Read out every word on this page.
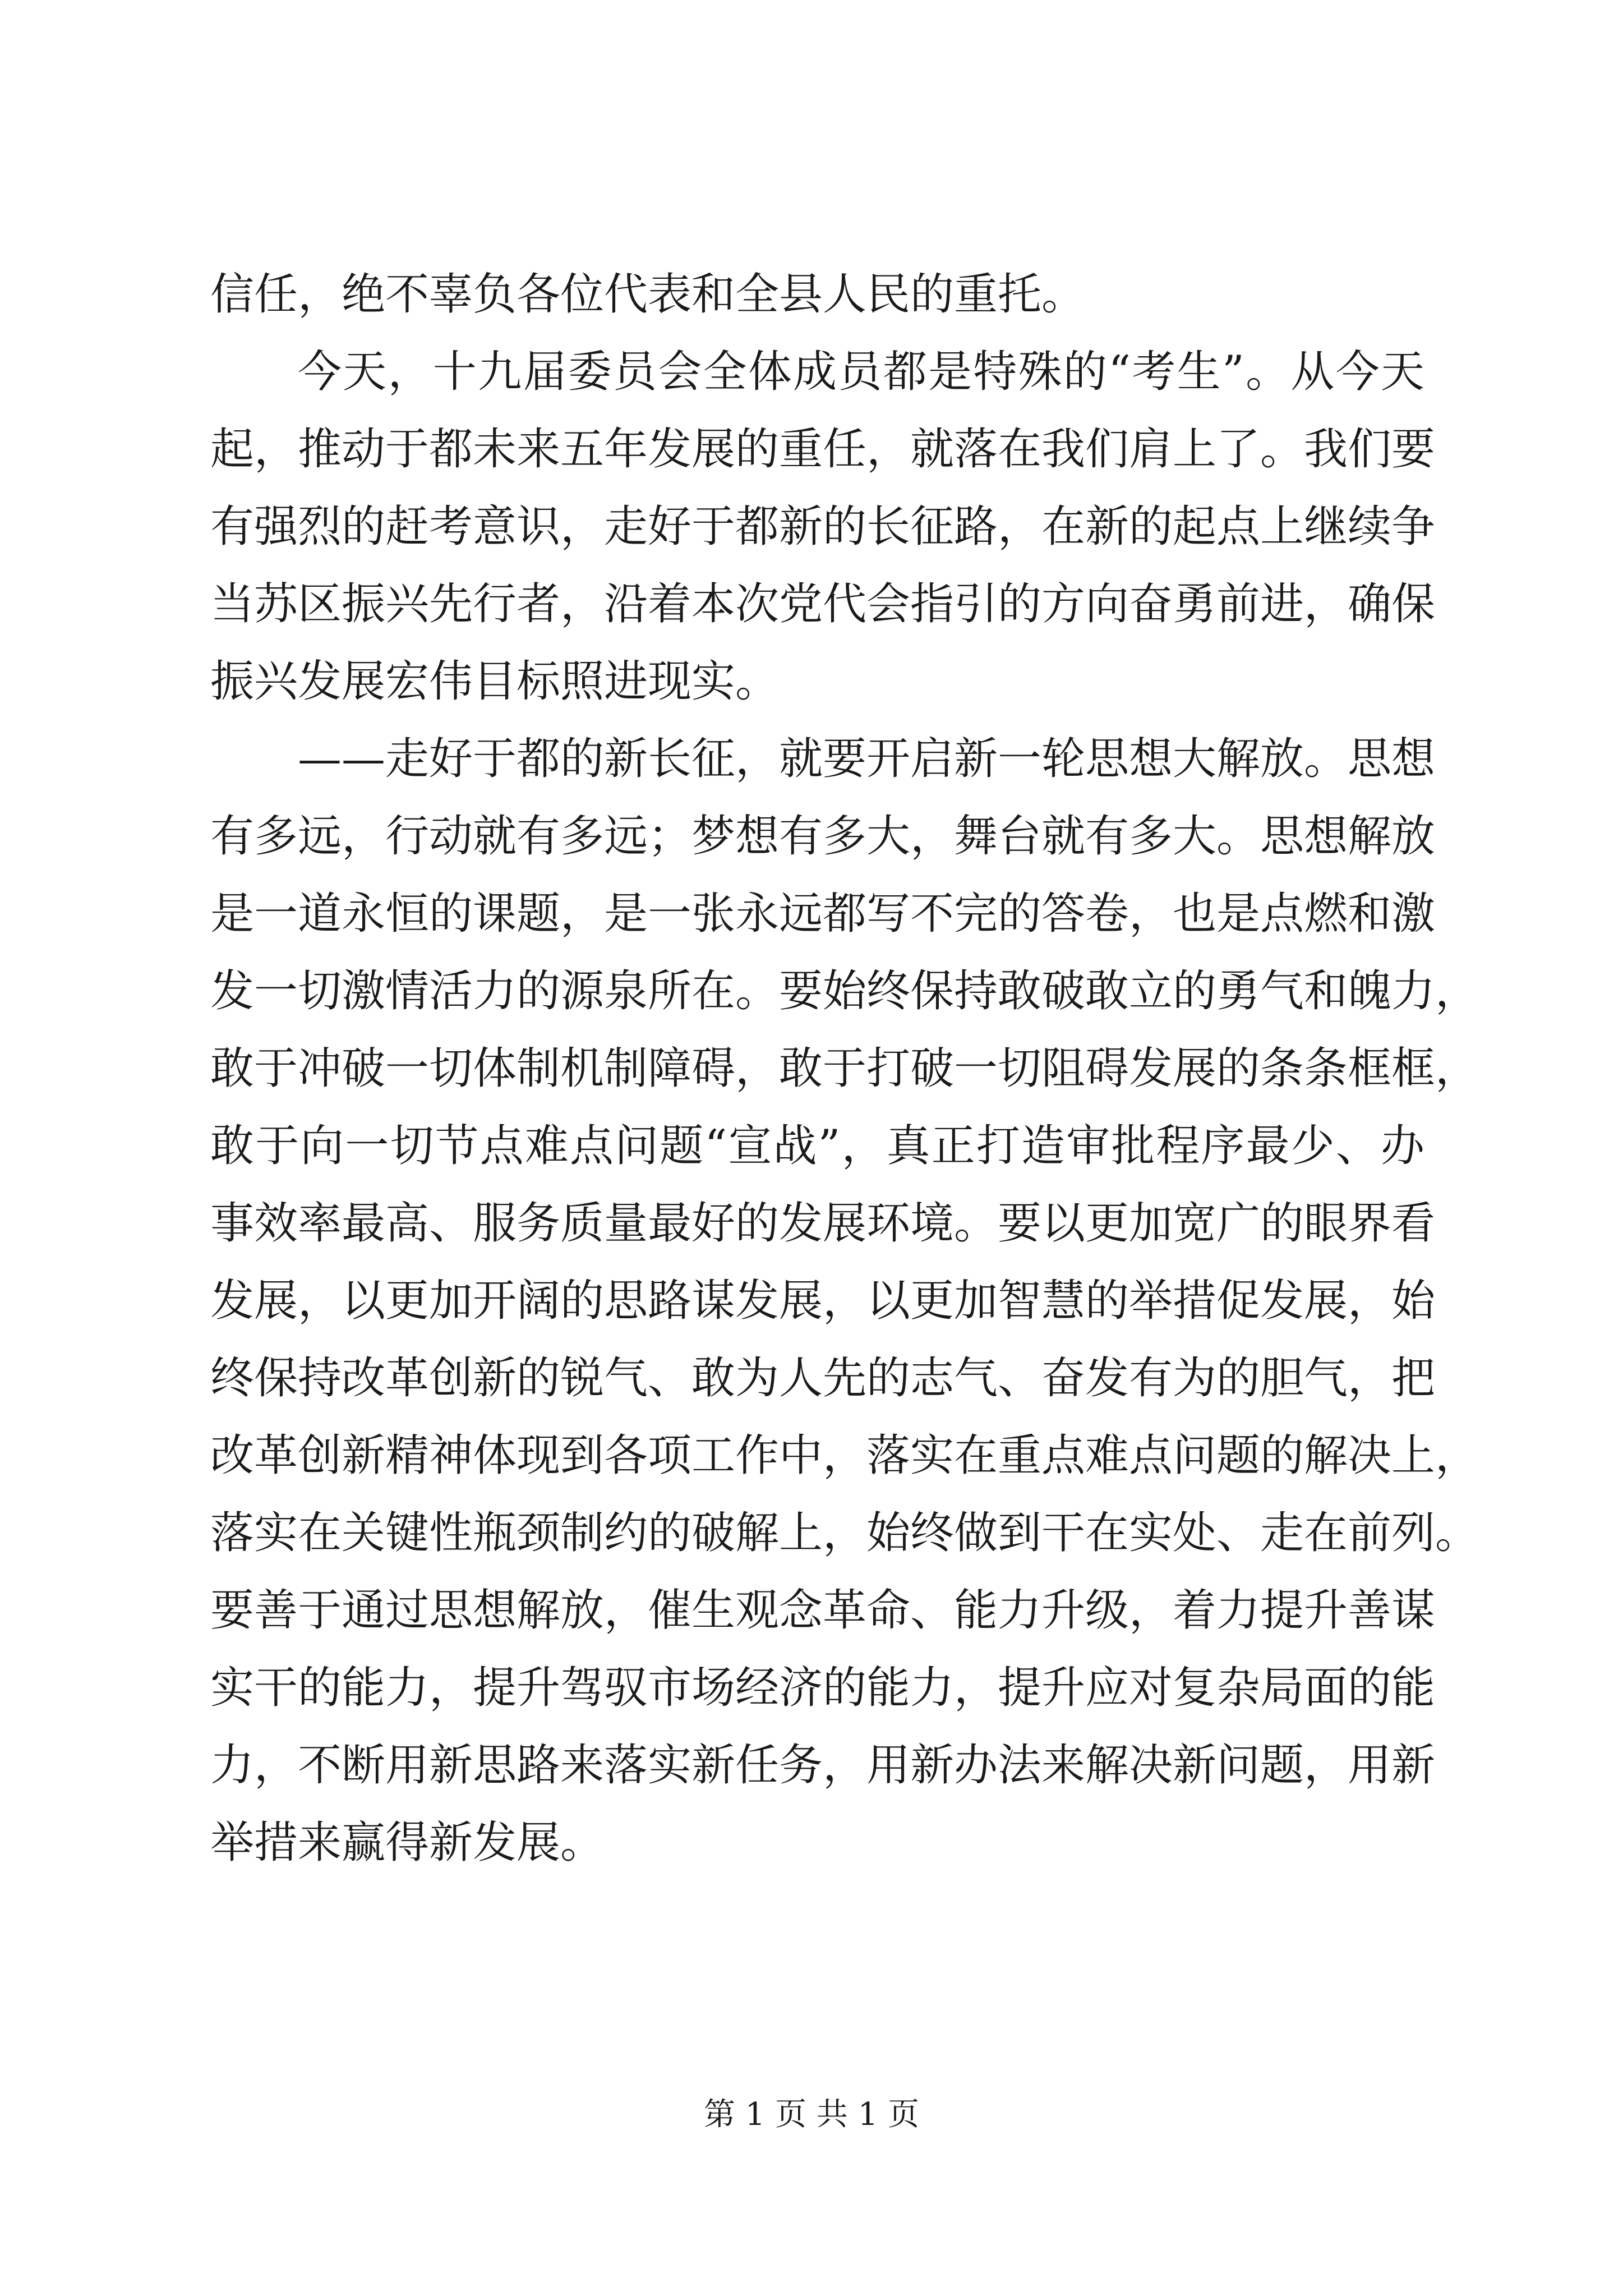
信任，绝不辜负各位代表和全县人民的重托。
今天，十九届委员会全体成员都是特殊的“考生”。从今天
起，推动于都未来五年发展的重任，就落在我们肩上了。我们要
有强烈的赶考意识，走好于都新的长征路，在新的起点上继续争
当苏区振兴先行者，沿着本次党代会指引的方向奋勇前进，确保
振兴发展宏伟目标照进现实。
——走好于都的新长征，就要开启新一轮思想大解放。思想
有多远，行动就有多远；梦想有多大，舞台就有多大。思想解放
是一道永恒的课题，是一张永远都写不完的答卷，也是点燃和激
发一切激情活力的源泉所在。要始终保持敢破敢立的勇气和魄力，
敢于冲破一切体制机制障碍，敢于打破一切阻碍发展的条条框框，
敢于向一切节点难点问题“宣战”，真正打造审批程序最少、办
事效率最高、服务质量最好的发展环境。要以更加宽广的眼界看
发展，以更加开阔的思路谋发展，以更加智慧的举措促发展，始
终保持改革创新的锐气、敢为人先的志气、奋发有为的胆气，把
改革创新精神体现到各项工作中，落实在重点难点问题的解决上，
落实在关键性瓶颈制约的破解上，始终做到干在实处、走在前列。
要善于通过思想解放，催生观念革命、能力升级，着力提升善谋
实干的能力，提升驾驭市场经济的能力，提升应对复杂局面的能
力，不断用新思路来落实新任务，用新办法来解决新问题，用新
举措来赢得新发展。
第 1 页 共 1 页
